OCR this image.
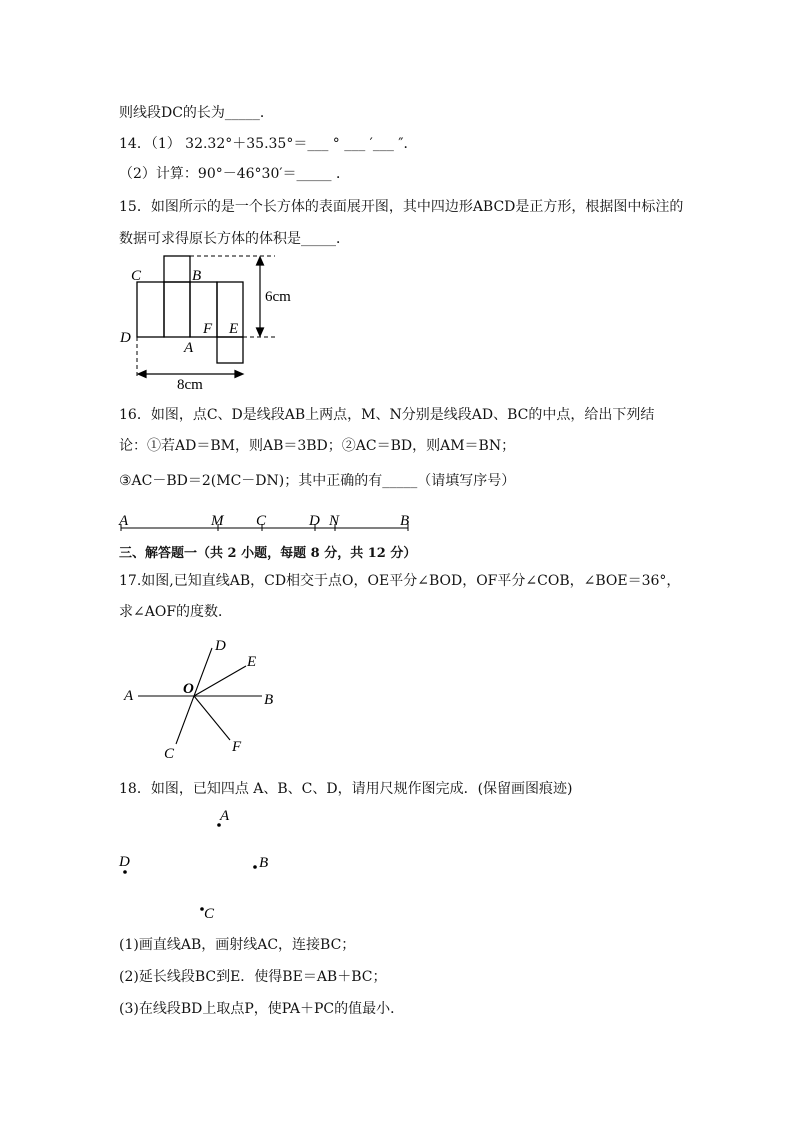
则线段DC的长为_____．
14．（1） 32.32°＋35.35°＝___ ° ___ ′___ ″．
（2）计算：90°－46°30′＝_____ ．
15．如图所示的是一个长方体的表面展开图，其中四边形ABCD是正方形，根据图中标注的
数据可求得原长方体的体积是_____．
C	B
D
A
F E
6cm
8cm
16．如图，点C、D是线段AB上两点，M、N分别是线段AD、BC的中点，给出下列结
论：①若AD＝BM，则AB＝3BD；②AC＝BD，则AM＝BN；
③AC－BD＝2(MC－DN)；其中正确的有_____（请填写序号）
A	M C	D N	B
三、解答题一（共 2 小题，每题 8 分，共 12 分）
17.如图,已知直线AB，CD相交于点O，OE平分∠BOD，OF平分∠COB，∠BOE＝36°，
求∠AOF的度数．
A	B
C
D
E
F
O
18．如图，已知四点 A、B、C、D，请用尺规作图完成．(保留画图痕迹)
A
B
C
D
(1)画直线AB，画射线AC，连接BC；
(2)延长线段BC到E．使得BE＝AB＋BC；
(3)在线段BD上取点P，使PA＋PC的值最小．
